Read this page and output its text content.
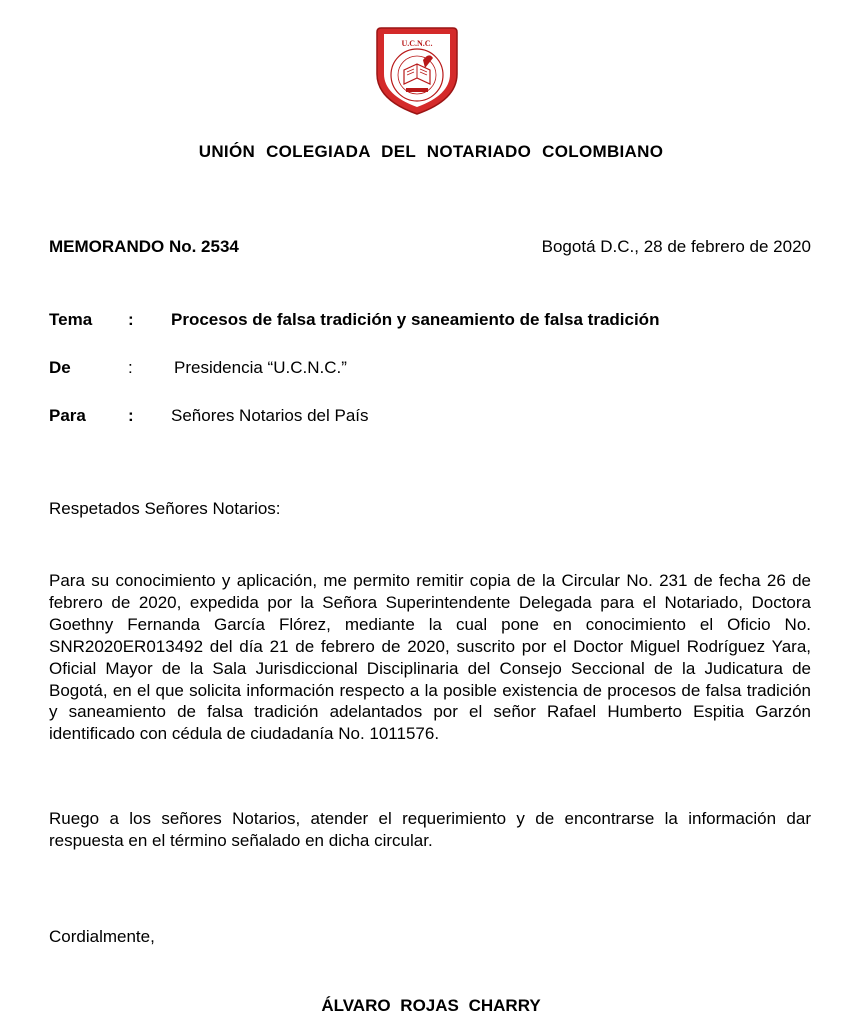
U.C.N.C.
UNIÓN COLEGIADA DEL NOTARIADO COLOMBIANO
MEMORANDO No. 2534	Bogotá D.C., 28 de febrero de 2020
Tema : Procesos de falsa tradición y saneamiento de falsa tradición
De	: Presidencia “U.C.N.C.”
Para : Señores Notarios del País
Respetados Señores Notarios:
Para su conocimiento y aplicación, me permito remitir copia de la Circular No. 231 de fecha 26 de febrero de 2020, expedida por la Señora Superintendente Delegada para el Notariado, Doctora Goethny Fernanda García Flórez, mediante la cual pone en conocimiento el Oficio No. SNR2020ER013492 del día 21 de febrero de 2020, suscrito por el Doctor Miguel Rodríguez Yara, Oficial Mayor de la Sala Jurisdiccional Disciplinaria del Consejo Seccional de la Judicatura de Bogotá, en el que solicita información respecto a la posible existencia de procesos de falsa tradición y saneamiento de falsa tradición adelantados por el señor Rafael Humberto Espitia Garzón identificado con cédula de ciudadanía No. 1011576.
Ruego a los señores Notarios, atender el requerimiento y de encontrarse la información dar respuesta en el término señalado en dicha circular.
Cordialmente,
ÁLVARO ROJAS CHARRY
